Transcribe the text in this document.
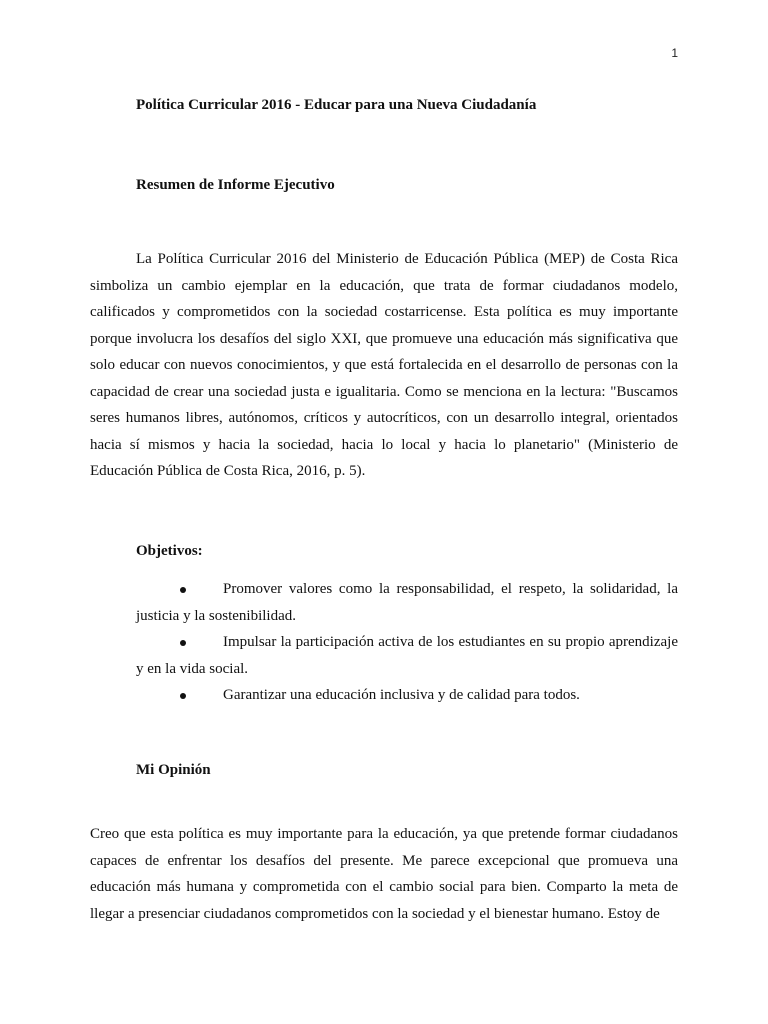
1

Política Curricular 2016 - Educar para una Nueva Ciudadanía

Resumen de Informe Ejecutivo

La Política Curricular 2016 del Ministerio de Educación Pública (MEP) de Costa Rica simboliza un cambio ejemplar en la educación, que trata de formar ciudadanos modelo, calificados y comprometidos con la sociedad costarricense. Esta política es muy importante porque involucra los desafíos del siglo XXI, que promueve una educación más significativa que solo educar con nuevos conocimientos, y que está fortalecida en el desarrollo de personas con la capacidad de crear una sociedad justa e igualitaria. Como se menciona en la lectura: "Buscamos seres humanos libres, autónomos, críticos y autocríticos, con un desarrollo integral, orientados hacia sí mismos y hacia la sociedad, hacia lo local y hacia lo planetario" (Ministerio de Educación Pública de Costa Rica, 2016, p. 5).

Objetivos:

Promover valores como la responsabilidad, el respeto, la solidaridad, la justicia y la sostenibilidad.
Impulsar la participación activa de los estudiantes en su propio aprendizaje y en la vida social.
Garantizar una educación inclusiva y de calidad para todos.

Mi Opinión

Creo que esta política es muy importante para la educación, ya que pretende formar ciudadanos capaces de enfrentar los desafíos del presente. Me parece excepcional que promueva una educación más humana y comprometida con el cambio social para bien. Comparto la meta de llegar a presenciar ciudadanos comprometidos con la sociedad y el bienestar humano. Estoy de
